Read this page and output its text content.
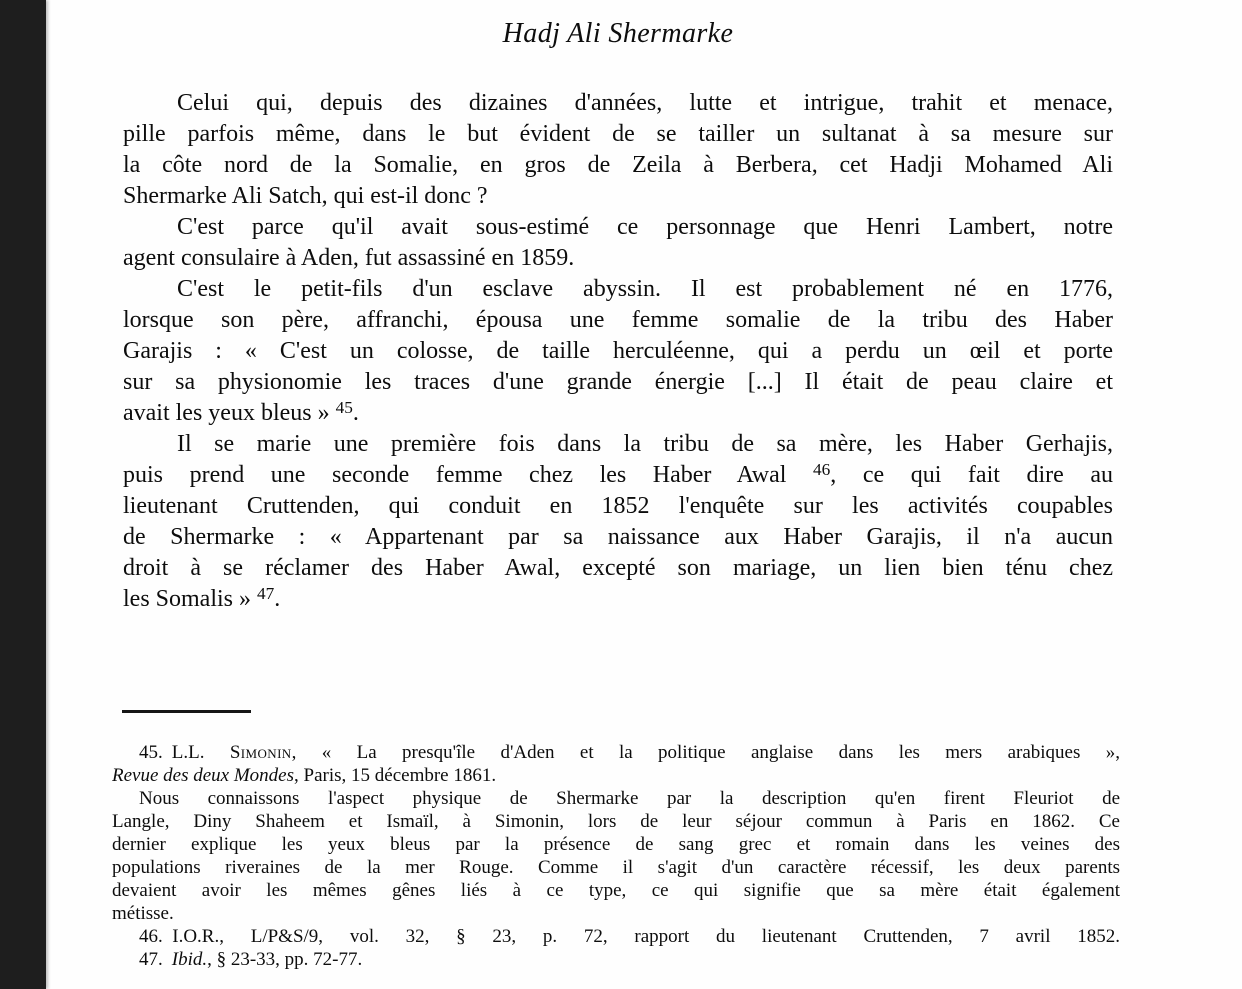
Hadj Ali Shermarke
Celui qui, depuis des dizaines d'années, lutte et intrigue, trahit et menace,
pille parfois même, dans le but évident de se tailler un sultanat à sa mesure sur
la côte nord de la Somalie, en gros de Zeila à Berbera, cet Hadji Mohamed Ali
Shermarke Ali Satch, qui est-il donc ?
C'est parce qu'il avait sous-estimé ce personnage que Henri Lambert, notre
agent consulaire à Aden, fut assassiné en 1859.
C'est le petit-fils d'un esclave abyssin. Il est probablement né en 1776,
lorsque son père, affranchi, épousa une femme somalie de la tribu des Haber
Garajis : « C'est un colosse, de taille herculéenne, qui a perdu un œil et porte
sur sa physionomie les traces d'une grande énergie [...] Il était de peau claire et
avait les yeux bleus » $^{45}$.
Il se marie une première fois dans la tribu de sa mère, les Haber Gerhajis,
puis prend une seconde femme chez les Haber Awal $^{46}$, ce qui fait dire au
lieutenant Cruttenden, qui conduit en 1852 l'enquête sur les activités coupables
de Shermarke : « Appartenant par sa naissance aux Haber Garajis, il n'a aucun
droit à se réclamer des Haber Awal, excepté son mariage, un lien bien ténu chez
les Somalis » $^{47}$.
45. L.L. Simonin, « La presqu'île d'Aden et la politique anglaise dans les mers arabiques »,
Revue des deux Mondes, Paris, 15 décembre 1861.
Nous connaissons l'aspect physique de Shermarke par la description qu'en firent Fleuriot de
Langle, Diny Shaheem et Ismaïl, à Simonin, lors de leur séjour commun à Paris en 1862. Ce
dernier explique les yeux bleus par la présence de sang grec et romain dans les veines des
populations riveraines de la mer Rouge. Comme il s'agit d'un caractère récessif, les deux parents
devaient avoir les mêmes gênes liés à ce type, ce qui signifie que sa mère était également
métisse.
46. I.O.R., L/P&S/9, vol. 32, § 23, p. 72, rapport du lieutenant Cruttenden, 7 avril 1852.
47. Ibid., § 23-33, pp. 72-77.
